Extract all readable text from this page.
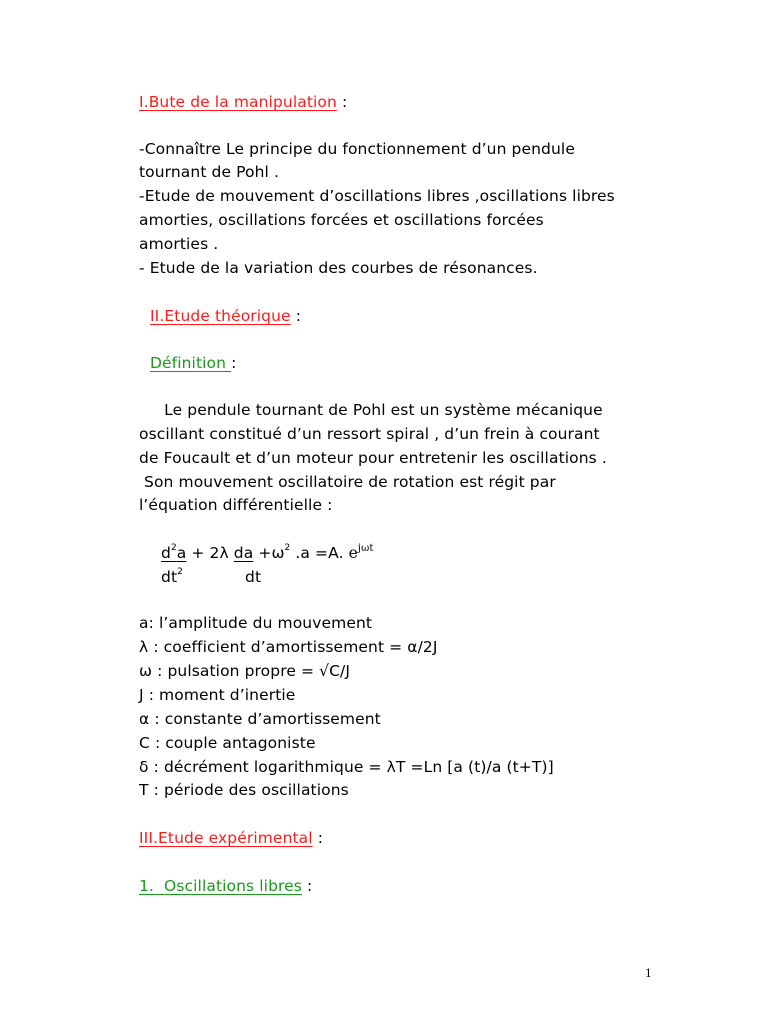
I.Bute de la manipulation :
-Connaître Le principe du fonctionnement d’un pendule
tournant de Pohl .
-Etude de mouvement d’oscillations libres ,oscillations libres
amorties, oscillations forcées et oscillations forcées
amorties .
- Etude de la variation des courbes de résonances.
II.Etude théorique :
Définition :
Le pendule tournant de Pohl est un système mécanique
oscillant constitué d’un ressort spiral , d’un frein à courant
de Foucault et d’un moteur pour entretenir les oscillations .
Son mouvement oscillatoire de rotation est régit par
l’équation différentielle :
$d^2a + 2\lambda$ da $+\omega^2$ .a =A. $e^{j\omega t}$
$dt^2$	dt
a: l’amplitude du mouvement
λ : coefficient d’amortissement = α/2J
ω : pulsation propre = √C/J
J : moment d’inertie
α : constante d’amortissement
C : couple antagoniste
δ : décrément logarithmique = λT =Ln [a (t)/a (t+T)]
T : période des oscillations
III.Etude expérimental :
1.  Oscillations libres :
1
